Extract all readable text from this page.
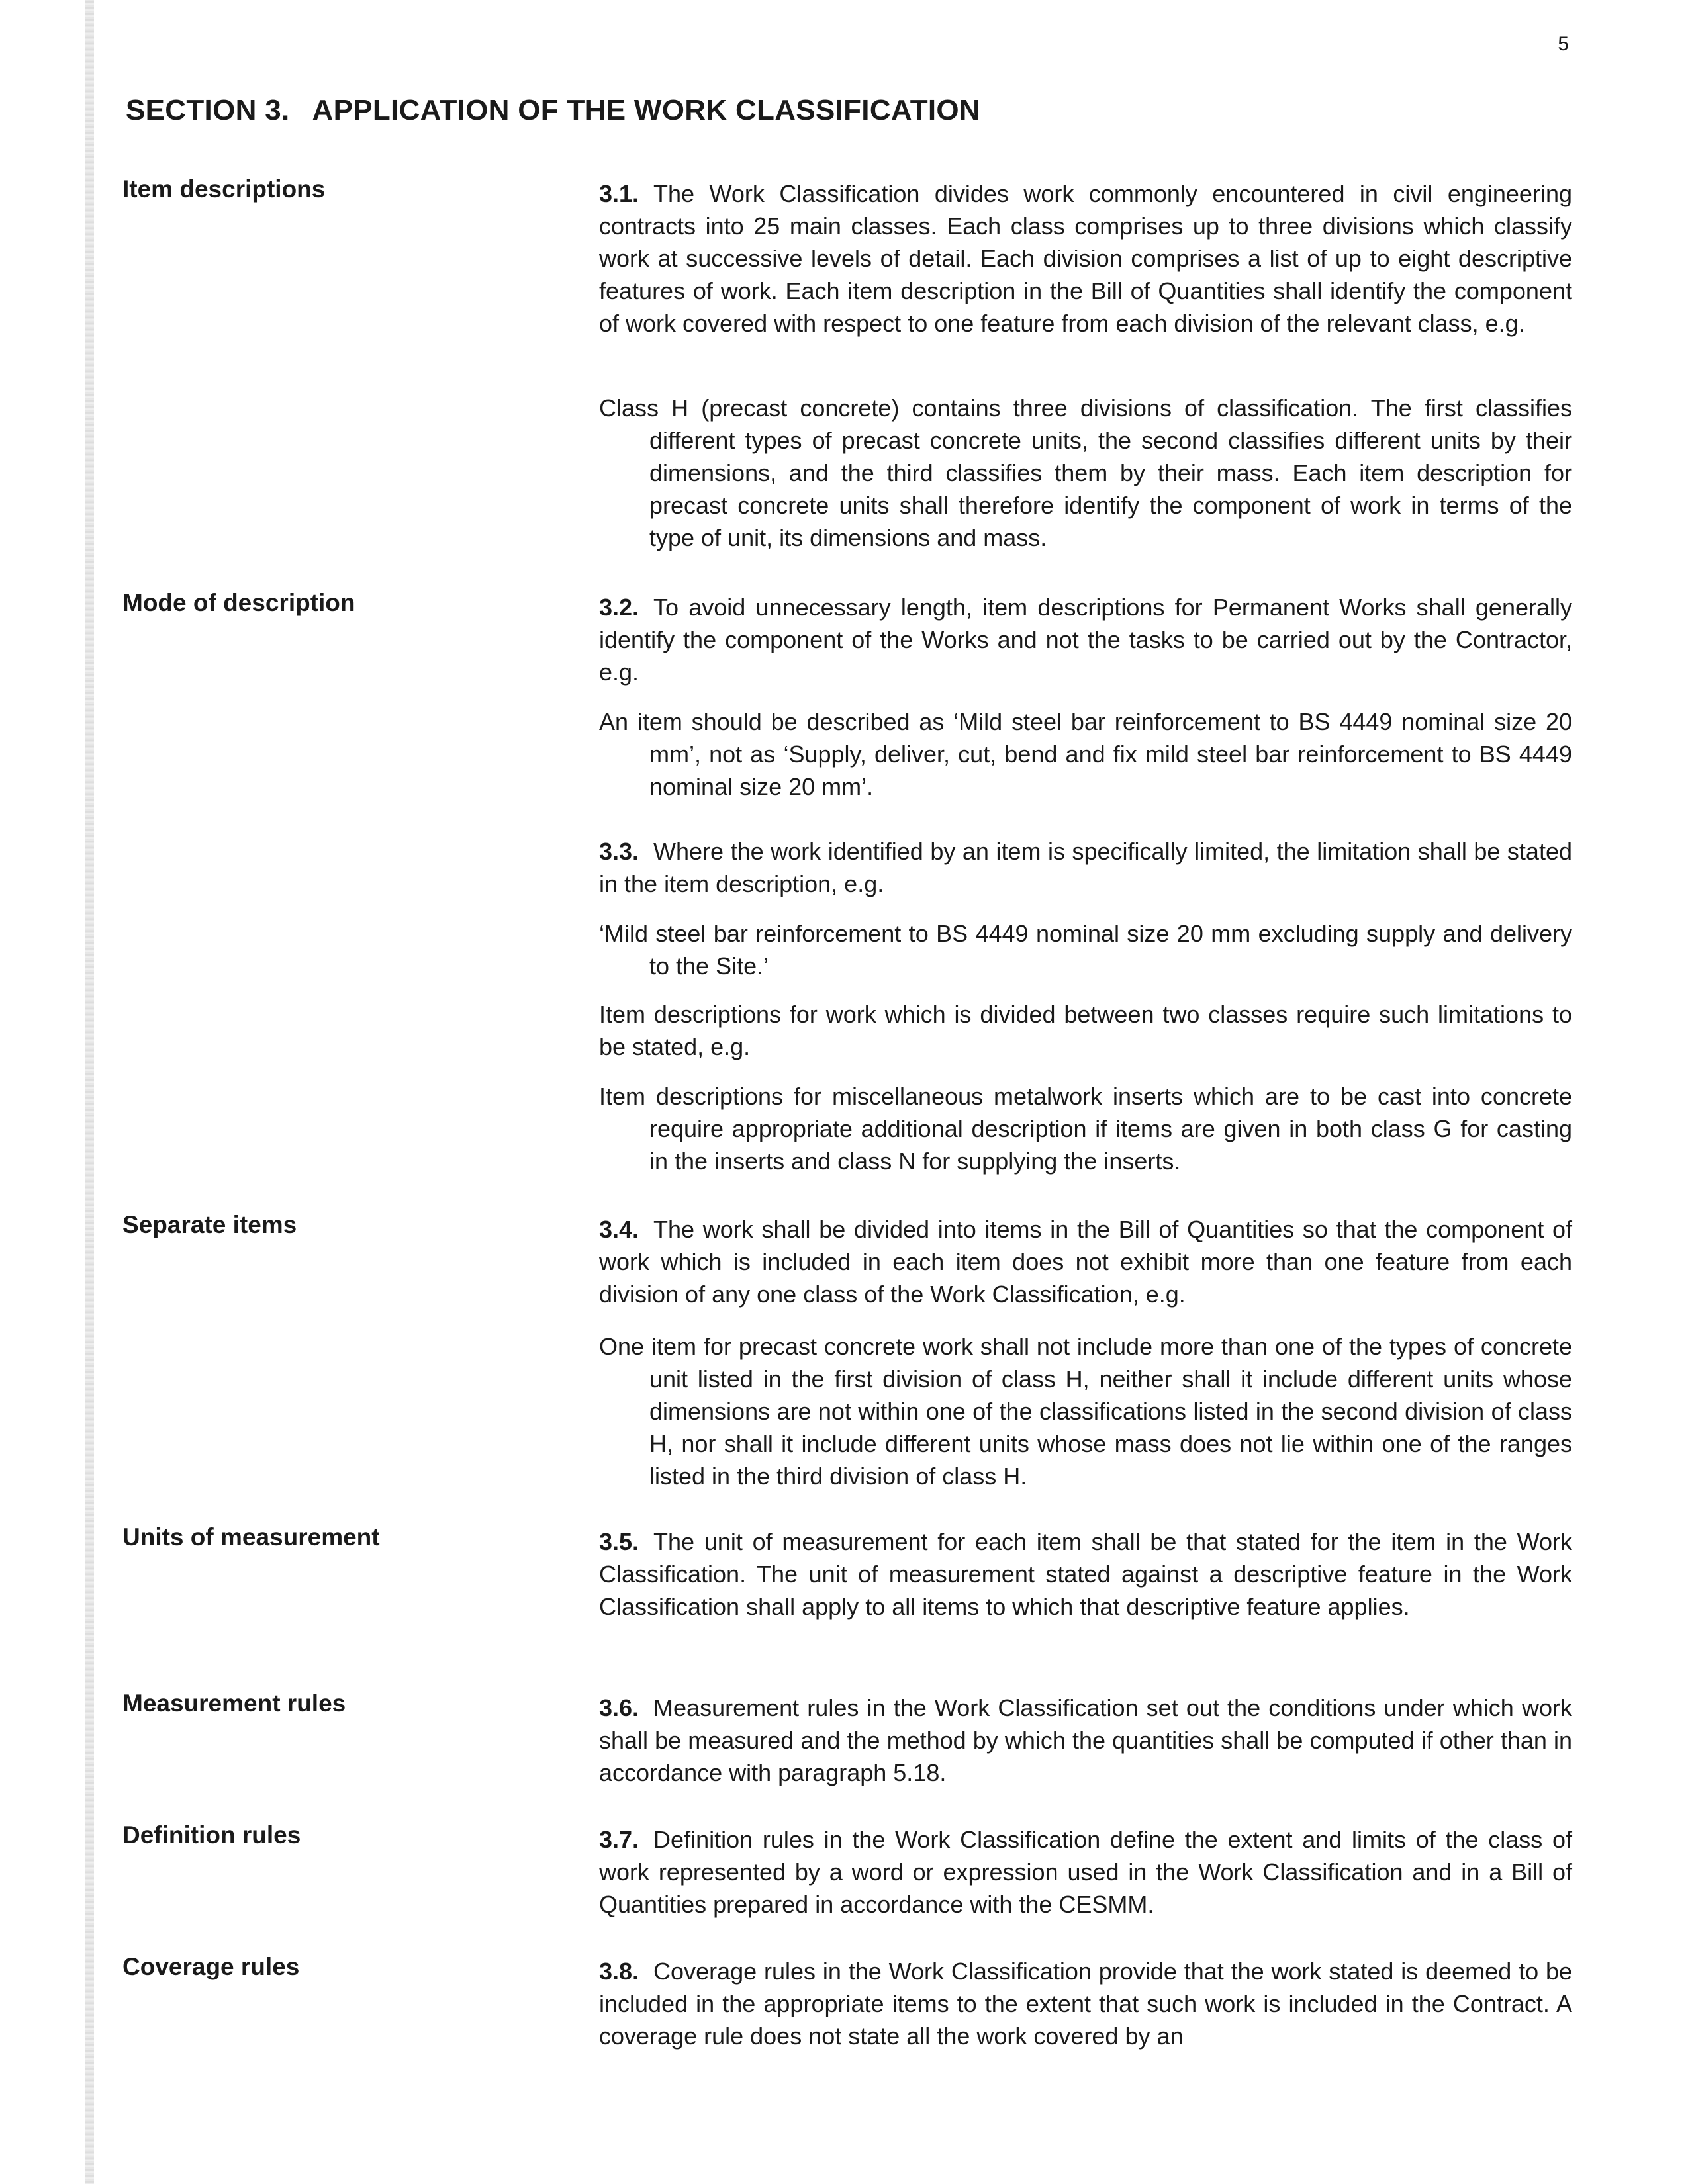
5
SECTION 3. APPLICATION OF THE WORK CLASSIFICATION
Item descriptions	3.1. The Work Classification divides work commonly encountered in civil engineering contracts into 25 main classes. Each class comprises up to three divisions which classify work at successive levels of detail. Each division comprises a list of up to eight descriptive features of work. Each item description in the Bill of Quantities shall identify the component of work covered with respect to one feature from each division of the relevant class, e.g.
Class H (precast concrete) contains three divisions of classification. The first classifies different types of precast concrete units, the second classifies different units by their dimensions, and the third classifies them by their mass. Each item description for precast concrete units shall therefore identify the component of work in terms of the type of unit, its dimensions and mass.
Mode of description	3.2. To avoid unnecessary length, item descriptions for Permanent Works shall generally identify the component of the Works and not the tasks to be carried out by the Contractor, e.g.
An item should be described as ‘Mild steel bar reinforcement to BS 4449 nominal size 20 mm’, not as ‘Supply, deliver, cut, bend and fix mild steel bar reinforcement to BS 4449 nominal size 20 mm’.
3.3. Where the work identified by an item is specifically limited, the limitation shall be stated in the item description, e.g.
‘Mild steel bar reinforcement to BS 4449 nominal size 20 mm excluding supply and delivery to the Site.’
Item descriptions for work which is divided between two classes require such limitations to be stated, e.g.
Item descriptions for miscellaneous metalwork inserts which are to be cast into concrete require appropriate additional description if items are given in both class G for casting in the inserts and class N for supplying the inserts.
Separate items	3.4. The work shall be divided into items in the Bill of Quantities so that the component of work which is included in each item does not exhibit more than one feature from each division of any one class of the Work Classification, e.g.
One item for precast concrete work shall not include more than one of the types of concrete unit listed in the first division of class H, neither shall it include different units whose dimensions are not within one of the classifications listed in the second division of class H, nor shall it include different units whose mass does not lie within one of the ranges listed in the third division of class H.
Units of measurement	3.5. The unit of measurement for each item shall be that stated for the item in the Work Classification. The unit of measurement stated against a descriptive feature in the Work Classification shall apply to all items to which that descriptive feature applies.
Measurement rules	3.6. Measurement rules in the Work Classification set out the conditions under which work shall be measured and the method by which the quantities shall be computed if other than in accordance with paragraph 5.18.
Definition rules	3.7. Definition rules in the Work Classification define the extent and limits of the class of work represented by a word or expression used in the Work Classification and in a Bill of Quantities prepared in accordance with the CESMM.
Coverage rules	3.8. Coverage rules in the Work Classification provide that the work stated is deemed to be included in the appropriate items to the extent that such work is included in the Contract. A coverage rule does not state all the work covered by an
